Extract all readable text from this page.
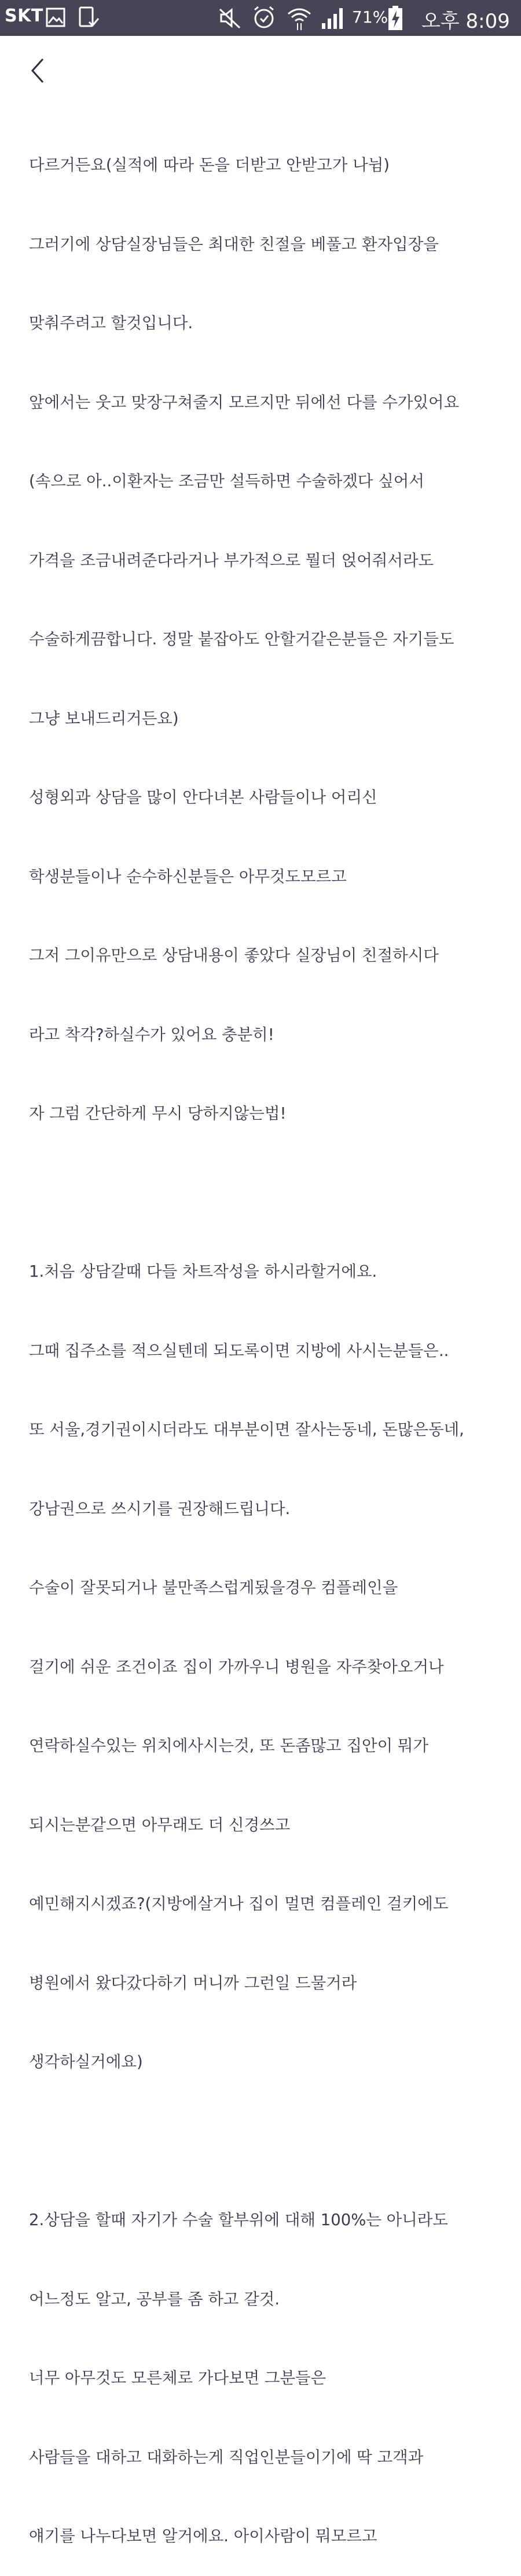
SKT	71% 오후 8:09

다르거든요(실적에 따라 돈을 더받고 안받고가 나뉨)

그러기에 상담실장님들은 최대한 친절을 베풀고 환자입장을

맞춰주려고 할것입니다.

앞에서는 웃고 맞장구쳐줄지 모르지만 뒤에선 다를 수가있어요

(속으로 아..이환자는 조금만 설득하면 수술하겠다 싶어서

가격을 조금내려준다라거나 부가적으로 뭘더 얹어줘서라도

수술하게끔합니다. 정말 붙잡아도 안할거같은분들은 자기들도

그냥 보내드리거든요)

성형외과 상담을 많이 안다녀본 사람들이나 어리신

학생분들이나 순수하신분들은 아무것도모르고

그저 그이유만으로 상담내용이 좋았다 실장님이 친절하시다

라고 착각?하실수가 있어요 충분히!

자 그럼 간단하게 무시 당하지않는법!

1.처음 상담갈때 다들 차트작성을 하시라할거에요.

그때 집주소를 적으실텐데 되도록이면 지방에 사시는분들은..

또 서울,경기권이시더라도 대부분이면 잘사는동네, 돈많은동네,

강남권으로 쓰시기를 권장해드립니다.

수술이 잘못되거나 불만족스럽게됬을경우 컴플레인을

걸기에 쉬운 조건이죠 집이 가까우니 병원을 자주찾아오거나

연락하실수있는 위치에사시는것, 또 돈좀많고 집안이 뭐가

되시는분같으면 아무래도 더 신경쓰고

예민해지시겠죠?(지방에살거나 집이 멀면 컴플레인 걸키에도

병원에서 왔다갔다하기 머니까 그런일 드물거라

생각하실거에요)

2.상담을 할때 자기가 수술 할부위에 대해 100%는 아니라도

어느정도 알고, 공부를 좀 하고 갈것.

너무 아무것도 모른체로 가다보면 그분들은

사람들을 대하고 대화하는게 직업인분들이기에 딱 고객과

얘기를 나누다보면 알거에요. 아이사람이 뭐모르고
